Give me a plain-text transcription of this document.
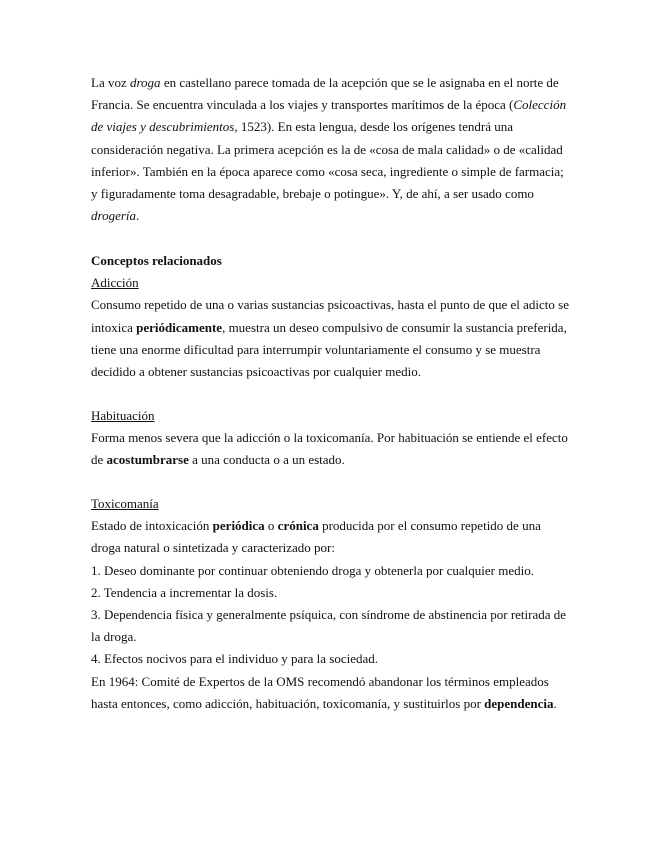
La voz droga en castellano parece tomada de la acepción que se le asignaba en el norte de
Francia. Se encuentra vinculada a los viajes y transportes marítimos de la época (Colección
de viajes y descubrimientos, 1523). En esta lengua, desde los orígenes tendrá una
consideración negativa. La primera acepción es la de «cosa de mala calidad» o de «calidad
inferior». También en la época aparece como «cosa seca, ingrediente o simple de farmacia;
y figuradamente toma desagradable, brebaje o potingue». Y, de ahí, a ser usado como
drogería.
Conceptos relacionados
Adicción
Consumo repetido de una o varias sustancias psicoactivas, hasta el punto de que el adicto se
intoxica periódicamente, muestra un deseo compulsivo de consumir la sustancia preferida,
tiene una enorme dificultad para interrumpir voluntariamente el consumo y se muestra
decidido a obtener sustancias psicoactivas por cualquier medio.
Habituación
Forma menos severa que la adicción o la toxicomanía. Por habituación se entiende el efecto
de acostumbrarse a una conducta o a un estado.
Toxicomanía
Estado de intoxicación periódica o crónica producida por el consumo repetido de una
droga natural o sintetizada y caracterizado por:
1. Deseo dominante por continuar obteniendo droga y obtenerla por cualquier medio.
2. Tendencia a incrementar la dosis.
3. Dependencia física y generalmente psíquica, con síndrome de abstinencia por retirada de
la droga.
4. Efectos nocivos para el individuo y para la sociedad.
En 1964: Comité de Expertos de la OMS recomendó abandonar los términos empleados
hasta entonces, como adicción, habituación, toxicomanía, y sustituirlos por dependencia.
